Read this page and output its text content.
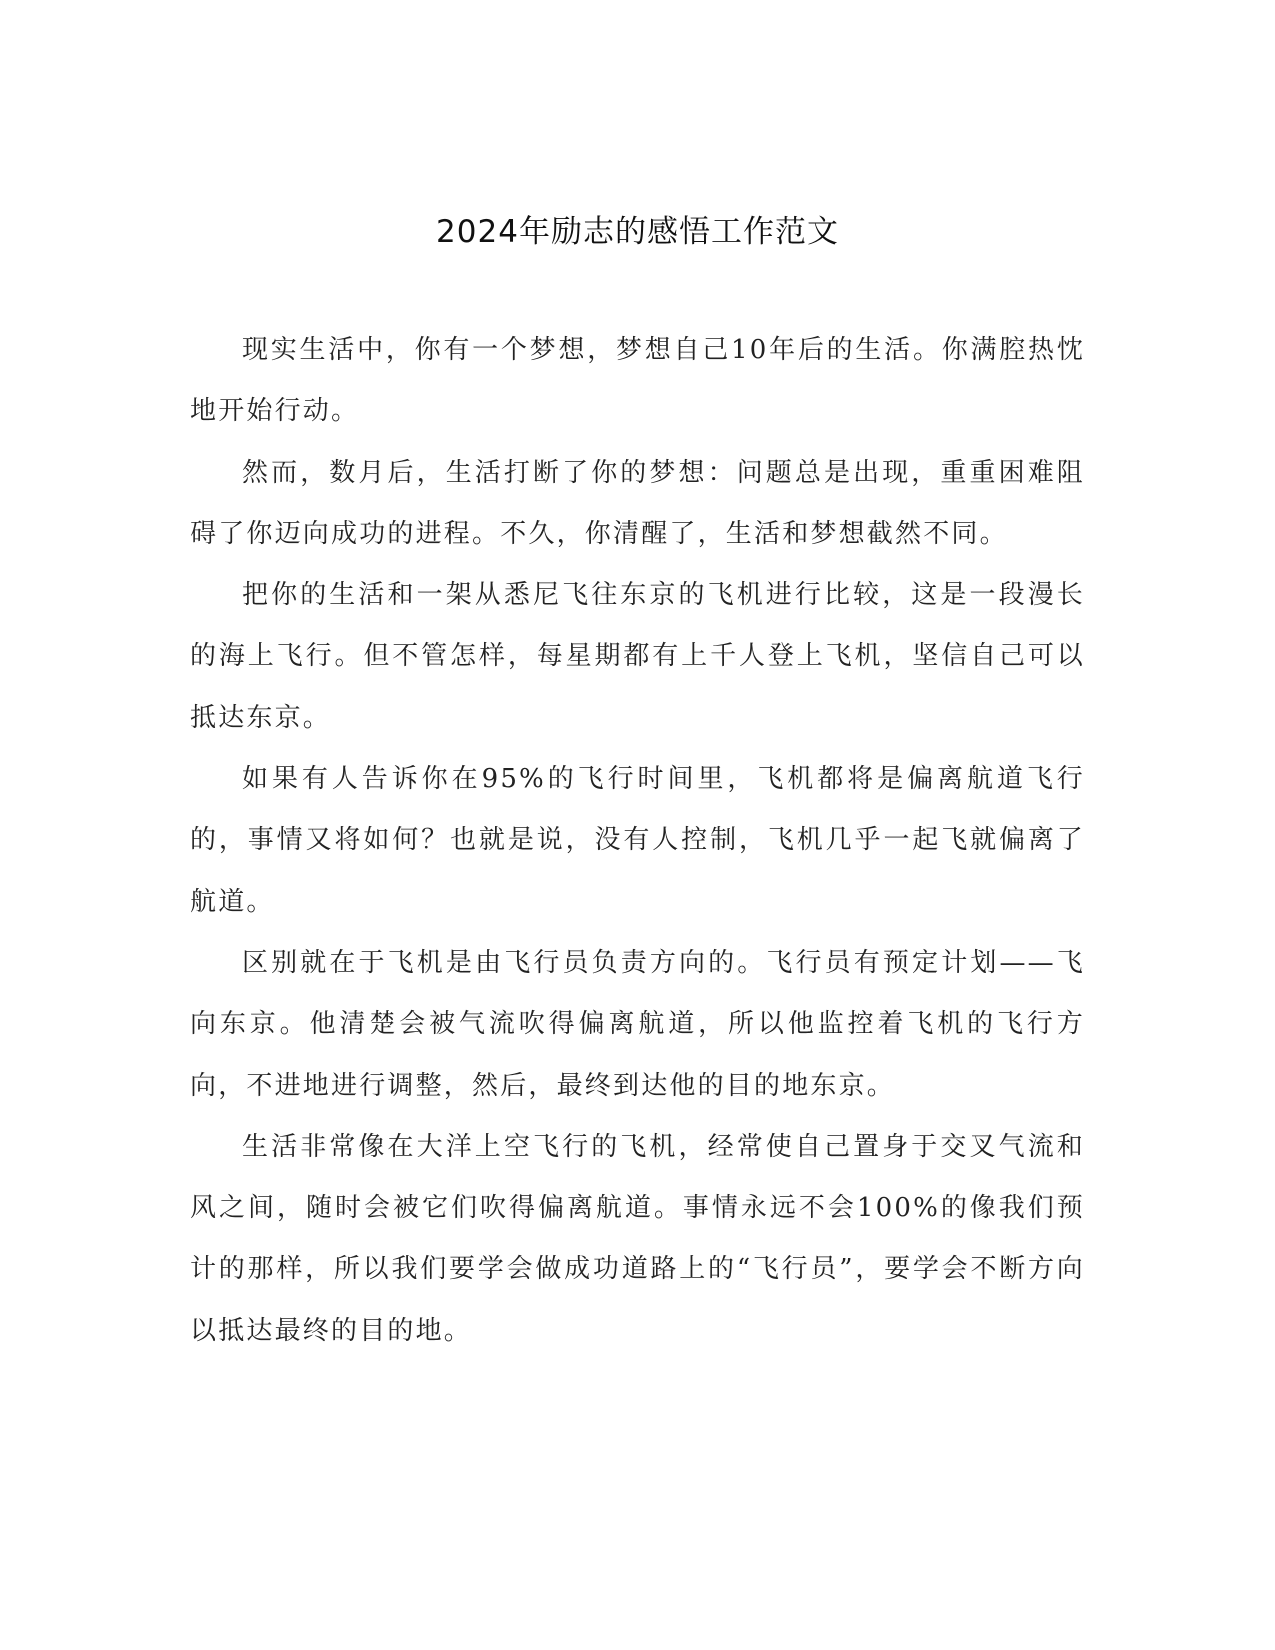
2024年励志的感悟工作范文

现实生活中，你有一个梦想，梦想自己10年后的生活。你满腔热忱地开始行动。

然而，数月后，生活打断了你的梦想：问题总是出现，重重困难阻碍了你迈向成功的进程。不久，你清醒了，生活和梦想截然不同。

把你的生活和一架从悉尼飞往东京的飞机进行比较，这是一段漫长的海上飞行。但不管怎样，每星期都有上千人登上飞机，坚信自己可以抵达东京。

如果有人告诉你在95%的飞行时间里，飞机都将是偏离航道飞行的，事情又将如何？也就是说，没有人控制，飞机几乎一起飞就偏离了航道。

区别就在于飞机是由飞行员负责方向的。飞行员有预定计划——飞向东京。他清楚会被气流吹得偏离航道，所以他监控着飞机的飞行方向，不进地进行调整，然后，最终到达他的目的地东京。

生活非常像在大洋上空飞行的飞机，经常使自己置身于交叉气流和风之间，随时会被它们吹得偏离航道。事情永远不会100%的像我们预计的那样，所以我们要学会做成功道路上的“飞行员”，要学会不断方向以抵达最终的目的地。
